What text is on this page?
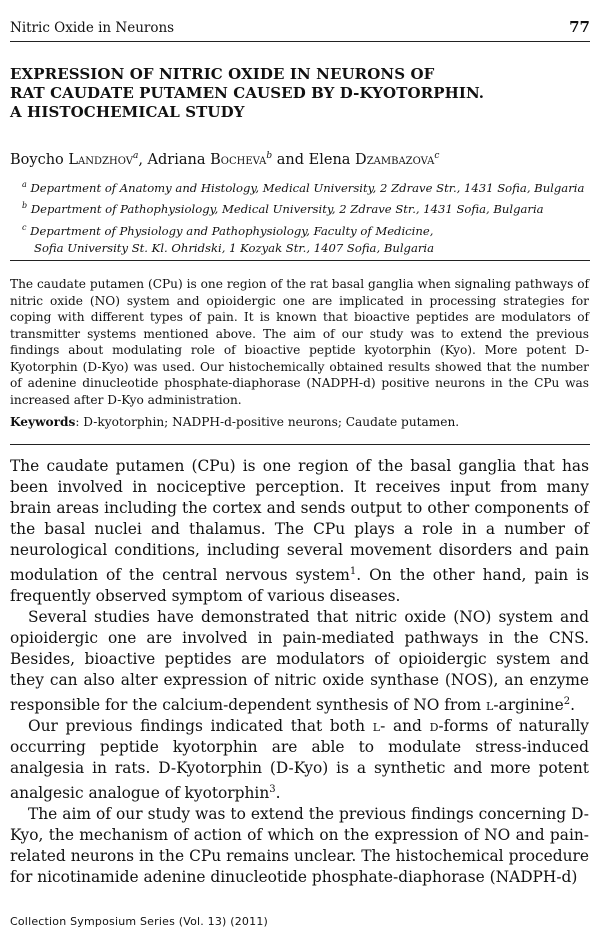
Nitric Oxide in Neurons	77
EXPRESSION OF NITRIC OXIDE IN NEURONS OF
RAT CAUDATE PUTAMEN CAUSED BY D-KYOTORPHIN.
A HISTOCHEMICAL STUDY
Boycho Landzhov$^a$, Adriana Bocheva$^b$ and Elena Dzambazova$^c$
$^a$ Department of Anatomy and Histology, Medical University, 2 Zdrave Str., 1431 Sofia, Bulgaria
$^b$ Department of Pathophysiology, Medical University, 2 Zdrave Str., 1431 Sofia, Bulgaria
$^c$ Department of Physiology and Pathophysiology, Faculty of Medicine,
Sofia University St. Kl. Ohridski, 1 Kozyak Str., 1407 Sofia, Bulgaria
The caudate putamen (CPu) is one region of the rat basal ganglia when signaling pathways of nitric oxide (NO) system and opioidergic one are implicated in processing strategies for coping with different types of pain. It is known that bioactive peptides are modulators of transmitter systems mentioned above. The aim of our study was to extend the previous findings about modulating role of bioactive peptide kyotorphin (Kyo). More potent D-Kyotorphin (D-Kyo) was used. Our histochemically obtained results showed that the number of adenine dinucleotide phosphate-diaphorase (NADPH-d) positive neurons in the CPu was increased after D-Kyo administration.
Keywords: D-kyotorphin; NADPH-d-positive neurons; Caudate putamen.

The caudate putamen (CPu) is one region of the basal ganglia that has been involved in nociceptive perception. It receives input from many brain areas including the cortex and sends output to other components of the basal nuclei and thalamus. The CPu plays a role in a number of neurological conditions, including several movement disorders and pain modulation of the central nervous system$^1$. On the other hand, pain is frequently observed symptom of various diseases.

Several studies have demonstrated that nitric oxide (NO) system and opioidergic one are involved in pain-mediated pathways in the CNS. Besides, bioactive peptides are modulators of opioidergic system and they can also alter expression of nitric oxide synthase (NOS), an enzyme responsible for the calcium-dependent synthesis of NO from l-arginine$^2$.

Our previous findings indicated that both l- and d-forms of naturally occurring peptide kyotorphin are able to modulate stress-induced analgesia in rats. D-Kyotorphin (D-Kyo) is a synthetic and more potent analgesic analogue of kyotorphin$^3$.

The aim of our study was to extend the previous findings concerning D-Kyo, the mechanism of action of which on the expression of NO and pain-related neurons in the CPu remains unclear. The histochemical procedure for nicotinamide adenine dinucleotide phosphate-diaphorase (NADPH-d)

Collection Symposium Series (Vol. 13) (2011)
